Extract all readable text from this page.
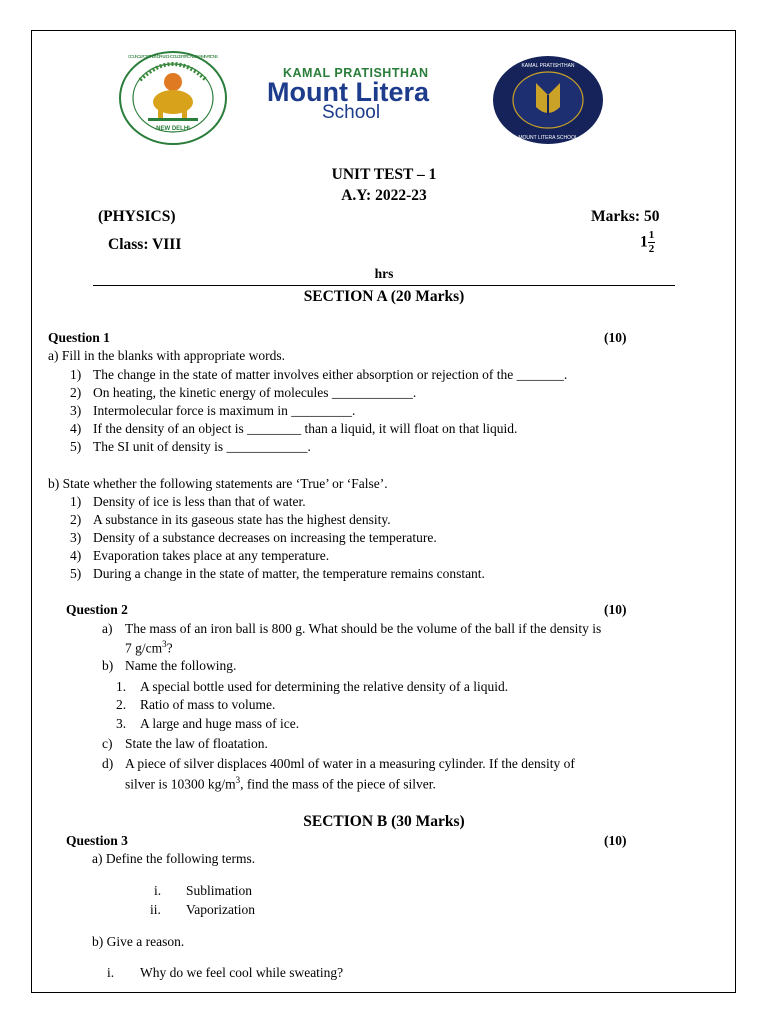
NEW DELHI
COUNCIL FOR THE INDIAN SCHOOL CERTIFICATE EXAMINATIONS
KAMAL PRATISHTHAN
Mount Litera
School
KAMAL PRATISHTHAN
MOUNT LITERA SCHOOL
UNIT TEST – 1
A.Y: 2022-23
(PHYSICS)	Marks: 50
Class: VIII	$1 \frac{1}{2}$
hrs
SECTION A (20 Marks)
Question 1	(10)
a) Fill in the blanks with appropriate words.
1) The change in the state of matter involves either absorption or rejection of the _______.
2) On heating, the kinetic energy of molecules ____________.
3) Intermolecular force is maximum in _________.
4) If the density of an object is ________ than a liquid, it will float on that liquid.
5) The SI unit of density is ____________.
b) State whether the following statements are ‘True’ or ‘False’.
1) Density of ice is less than that of water.
2) A substance in its gaseous state has the highest density.
3) Density of a substance decreases on increasing the temperature.
4) Evaporation takes place at any temperature.
5) During a change in the state of matter, the temperature remains constant.
Question 2	(10)
a) The mass of an iron ball is 800 g. What should be the volume of the ball if the density is
7 $g/cm^3$?
b) Name the following.
1. A special bottle used for determining the relative density of a liquid.
2. Ratio of mass to volume.
3. A large and huge mass of ice.
c) State the law of floatation.
d) A piece of silver displaces 400ml of water in a measuring cylinder. If the density of
silver is 10300 $kg/m^3$, find the mass of the piece of silver.
SECTION B (30 Marks)
Question 3	(10)
a) Define the following terms.
i. Sublimation
ii. Vaporization
b) Give a reason.
i. Why do we feel cool while sweating?
